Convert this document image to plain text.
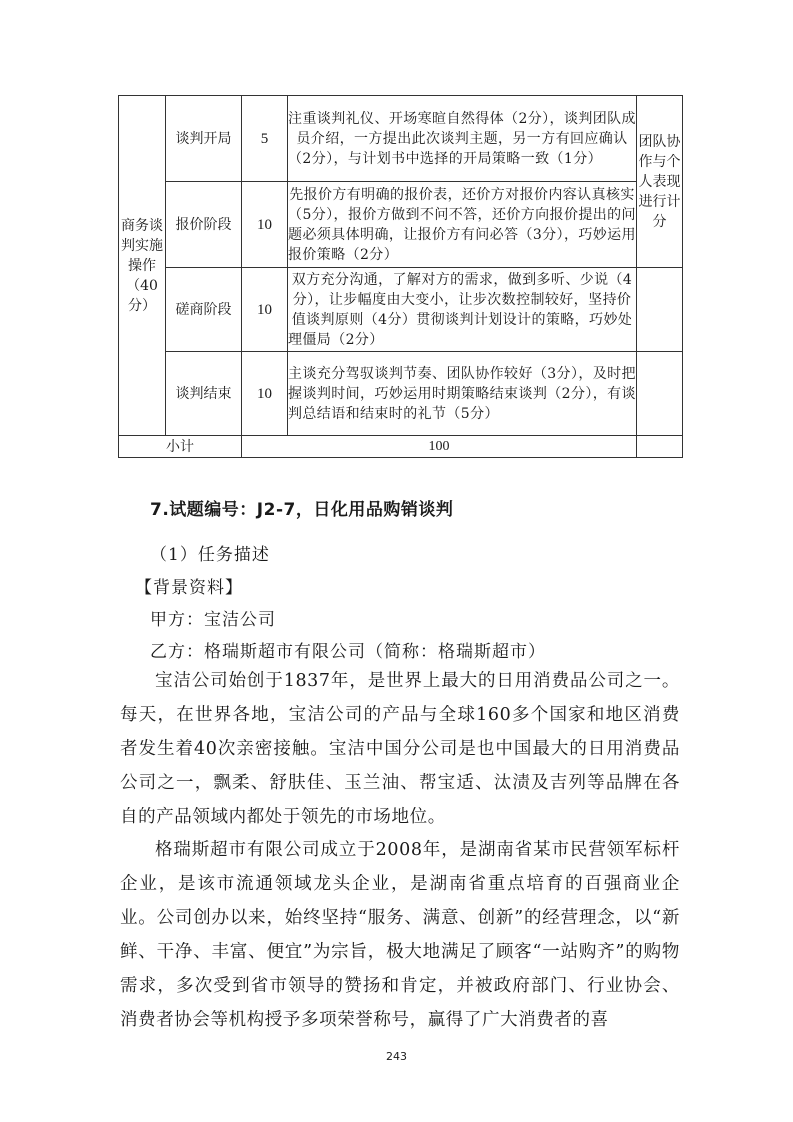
商务谈判实施操作（40分）	谈判开局	5	注重谈判礼仪、开场寒暄自然得体（2分），谈判团队成员介绍，一方提出此次谈判主题，另一方有回应确认（2分），与计划书中选择的开局策略一致（1分）	团队协作与个人表现进行计分

	报价阶段	10	先报价方有明确的报价表，还价方对报价内容认真核实（5分），报价方做到不问不答，还价方向报价提出的问题必须具体明确，让报价方有问必答（3分），巧妙运用报价策略（2分）	

	磋商阶段	10	双方充分沟通，了解对方的需求，做到多听、少说（4分），让步幅度由大变小，让步次数控制较好，坚持价值谈判原则（4分）贯彻谈判计划设计的策略，巧妙处理僵局（2分）	

	谈判结束	10	主谈充分驾驭谈判节奏、团队协作较好（3分），及时把握谈判时间，巧妙运用时期策略结束谈判（2分），有谈判总结语和结束时的礼节（5分）	
小计		100		
7.试题编号：J2-7，日化用品购销谈判
（1）任务描述
【背景资料】
甲方：宝洁公司
乙方：格瑞斯超市有限公司（简称：格瑞斯超市）
宝洁公司始创于1837年，是世界上最大的日用消费品公司之一。每天，在世界各地，宝洁公司的产品与全球160多个国家和地区消费者发生着40次亲密接触。宝洁中国分公司是也中国最大的日用消费品公司之一，飘柔、舒肤佳、玉兰油、帮宝适、汰渍及吉列等品牌在各自的产品领域内都处于领先的市场地位。
格瑞斯超市有限公司成立于2008年，是湖南省某市民营领军标杆企业，是该市流通领域龙头企业，是湖南省重点培育的百强商业企业。公司创办以来，始终坚持“服务、满意、创新”的经营理念，以“新鲜、干净、丰富、便宜”为宗旨，极大地满足了顾客“一站购齐”的购物需求，多次受到省市领导的赞扬和肯定，并被政府部门、行业协会、消费者协会等机构授予多项荣誉称号，赢得了广大消费者的喜
243
